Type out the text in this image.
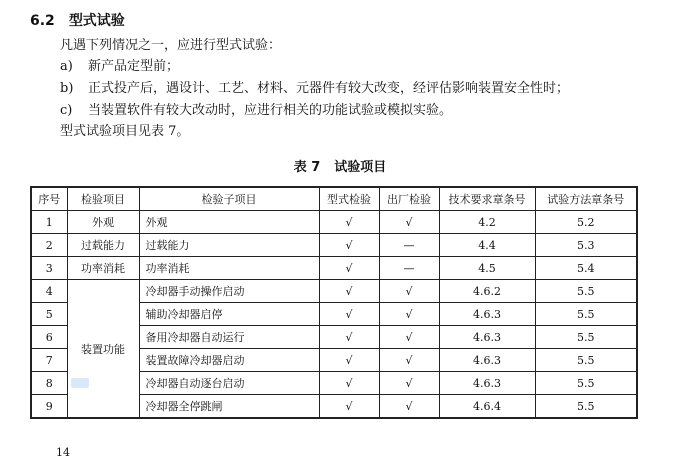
6.2 型式试验
凡遇下列情况之一，应进行型式试验：
a) 新产品定型前；
b) 正式投产后，遇设计、工艺、材料、元器件有较大改变，经评估影响装置安全性时；
c) 当装置软件有较大改动时，应进行相关的功能试验或模拟实验。
型式试验项目见表 7。
表 7 试验项目
序号	检验项目	检验子项目	型式检验	出厂检验	技术要求章条号	试验方法章条号
1	外观	外观	√	√	4.2	5.2
2	过载能力	过载能力	√	—	4.4	5.3
3	功率消耗	功率消耗	√	—	4.5	5.4
4	装置功能	冷却器手动操作启动	√	√	4.6.2	5.5
5		辅助冷却器启停	√	√	4.6.3	5.5
6		备用冷却器自动运行	√	√	4.6.3	5.5
7		装置故障冷却器启动	√	√	4.6.3	5.5
8		冷却器自动逐台启动	√	√	4.6.3	5.5
9		冷却器全停跳闸	√	√	4.6.4	5.5
14
